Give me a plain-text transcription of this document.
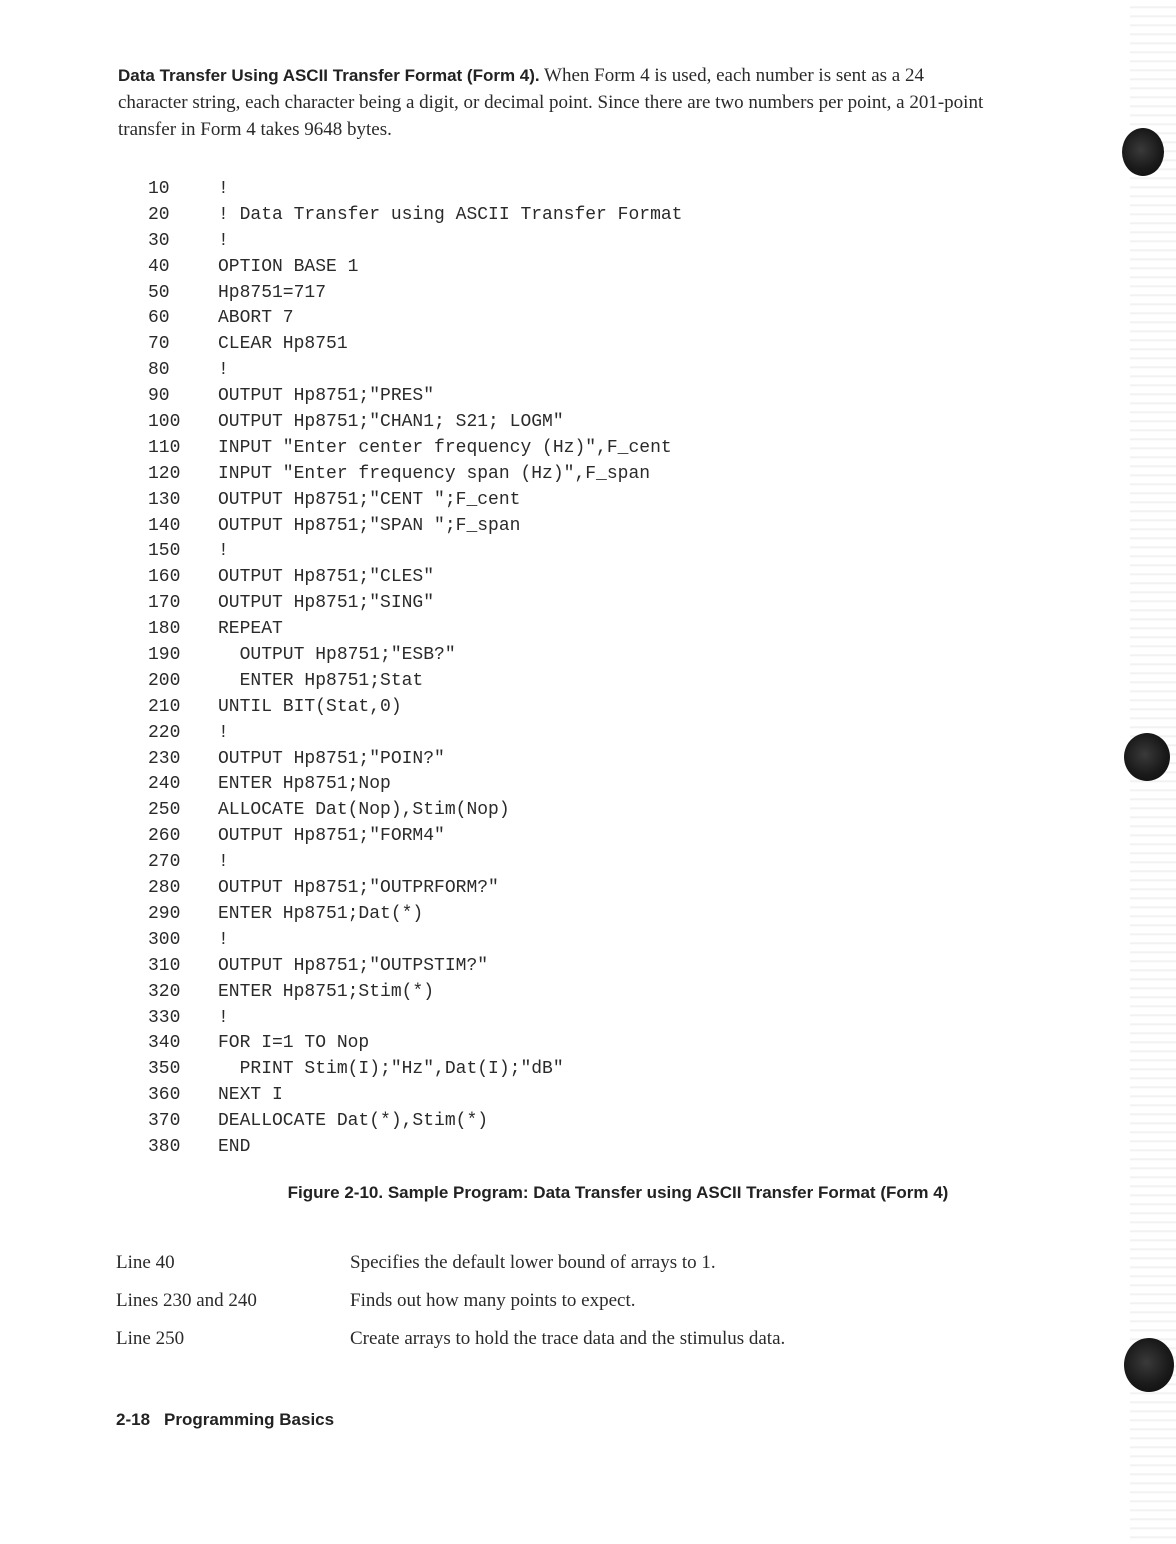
Data Transfer Using ASCII Transfer Format (Form 4). When Form 4 is used, each number is sent as a 24 character string, each character being a digit, or decimal point. Since there are two numbers per point, a 201-point transfer in Form 4 takes 9648 bytes.

10	!
20	! Data Transfer using ASCII Transfer Format
30	!
40	OPTION BASE 1
50	Hp8751=717
60	ABORT 7
70	CLEAR Hp8751
80	!
90	OUTPUT Hp8751;"PRES"
100	OUTPUT Hp8751;"CHAN1; S21; LOGM"
110	INPUT "Enter center frequency (Hz)",F_cent
120	INPUT "Enter frequency span (Hz)",F_span
130	OUTPUT Hp8751;"CENT ";F_cent
140	OUTPUT Hp8751;"SPAN ";F_span
150	!
160	OUTPUT Hp8751;"CLES"
170	OUTPUT Hp8751;"SING"
180	REPEAT
190	OUTPUT Hp8751;"ESB?"
200	ENTER Hp8751;Stat
210	UNTIL BIT(Stat,0)
220	!
230	OUTPUT Hp8751;"POIN?"
240	ENTER Hp8751;Nop
250	ALLOCATE Dat(Nop),Stim(Nop)
260	OUTPUT Hp8751;"FORM4"
270	!
280	OUTPUT Hp8751;"OUTPRFORM?"
290	ENTER Hp8751;Dat(*)
300	!
310	OUTPUT Hp8751;"OUTPSTIM?"
320	ENTER Hp8751;Stim(*)
330	!
340	FOR I=1 TO Nop
350	PRINT Stim(I);"Hz",Dat(I);"dB"
360	NEXT I
370	DEALLOCATE Dat(*),Stim(*)
380	END

Figure 2-10. Sample Program: Data Transfer using ASCII Transfer Format (Form 4)

Line 40	Specifies the default lower bound of arrays to 1.
Lines 230 and 240	Finds out how many points to expect.
Line 250	Create arrays to hold the trace data and the stimulus data.

2-18 Programming Basics
